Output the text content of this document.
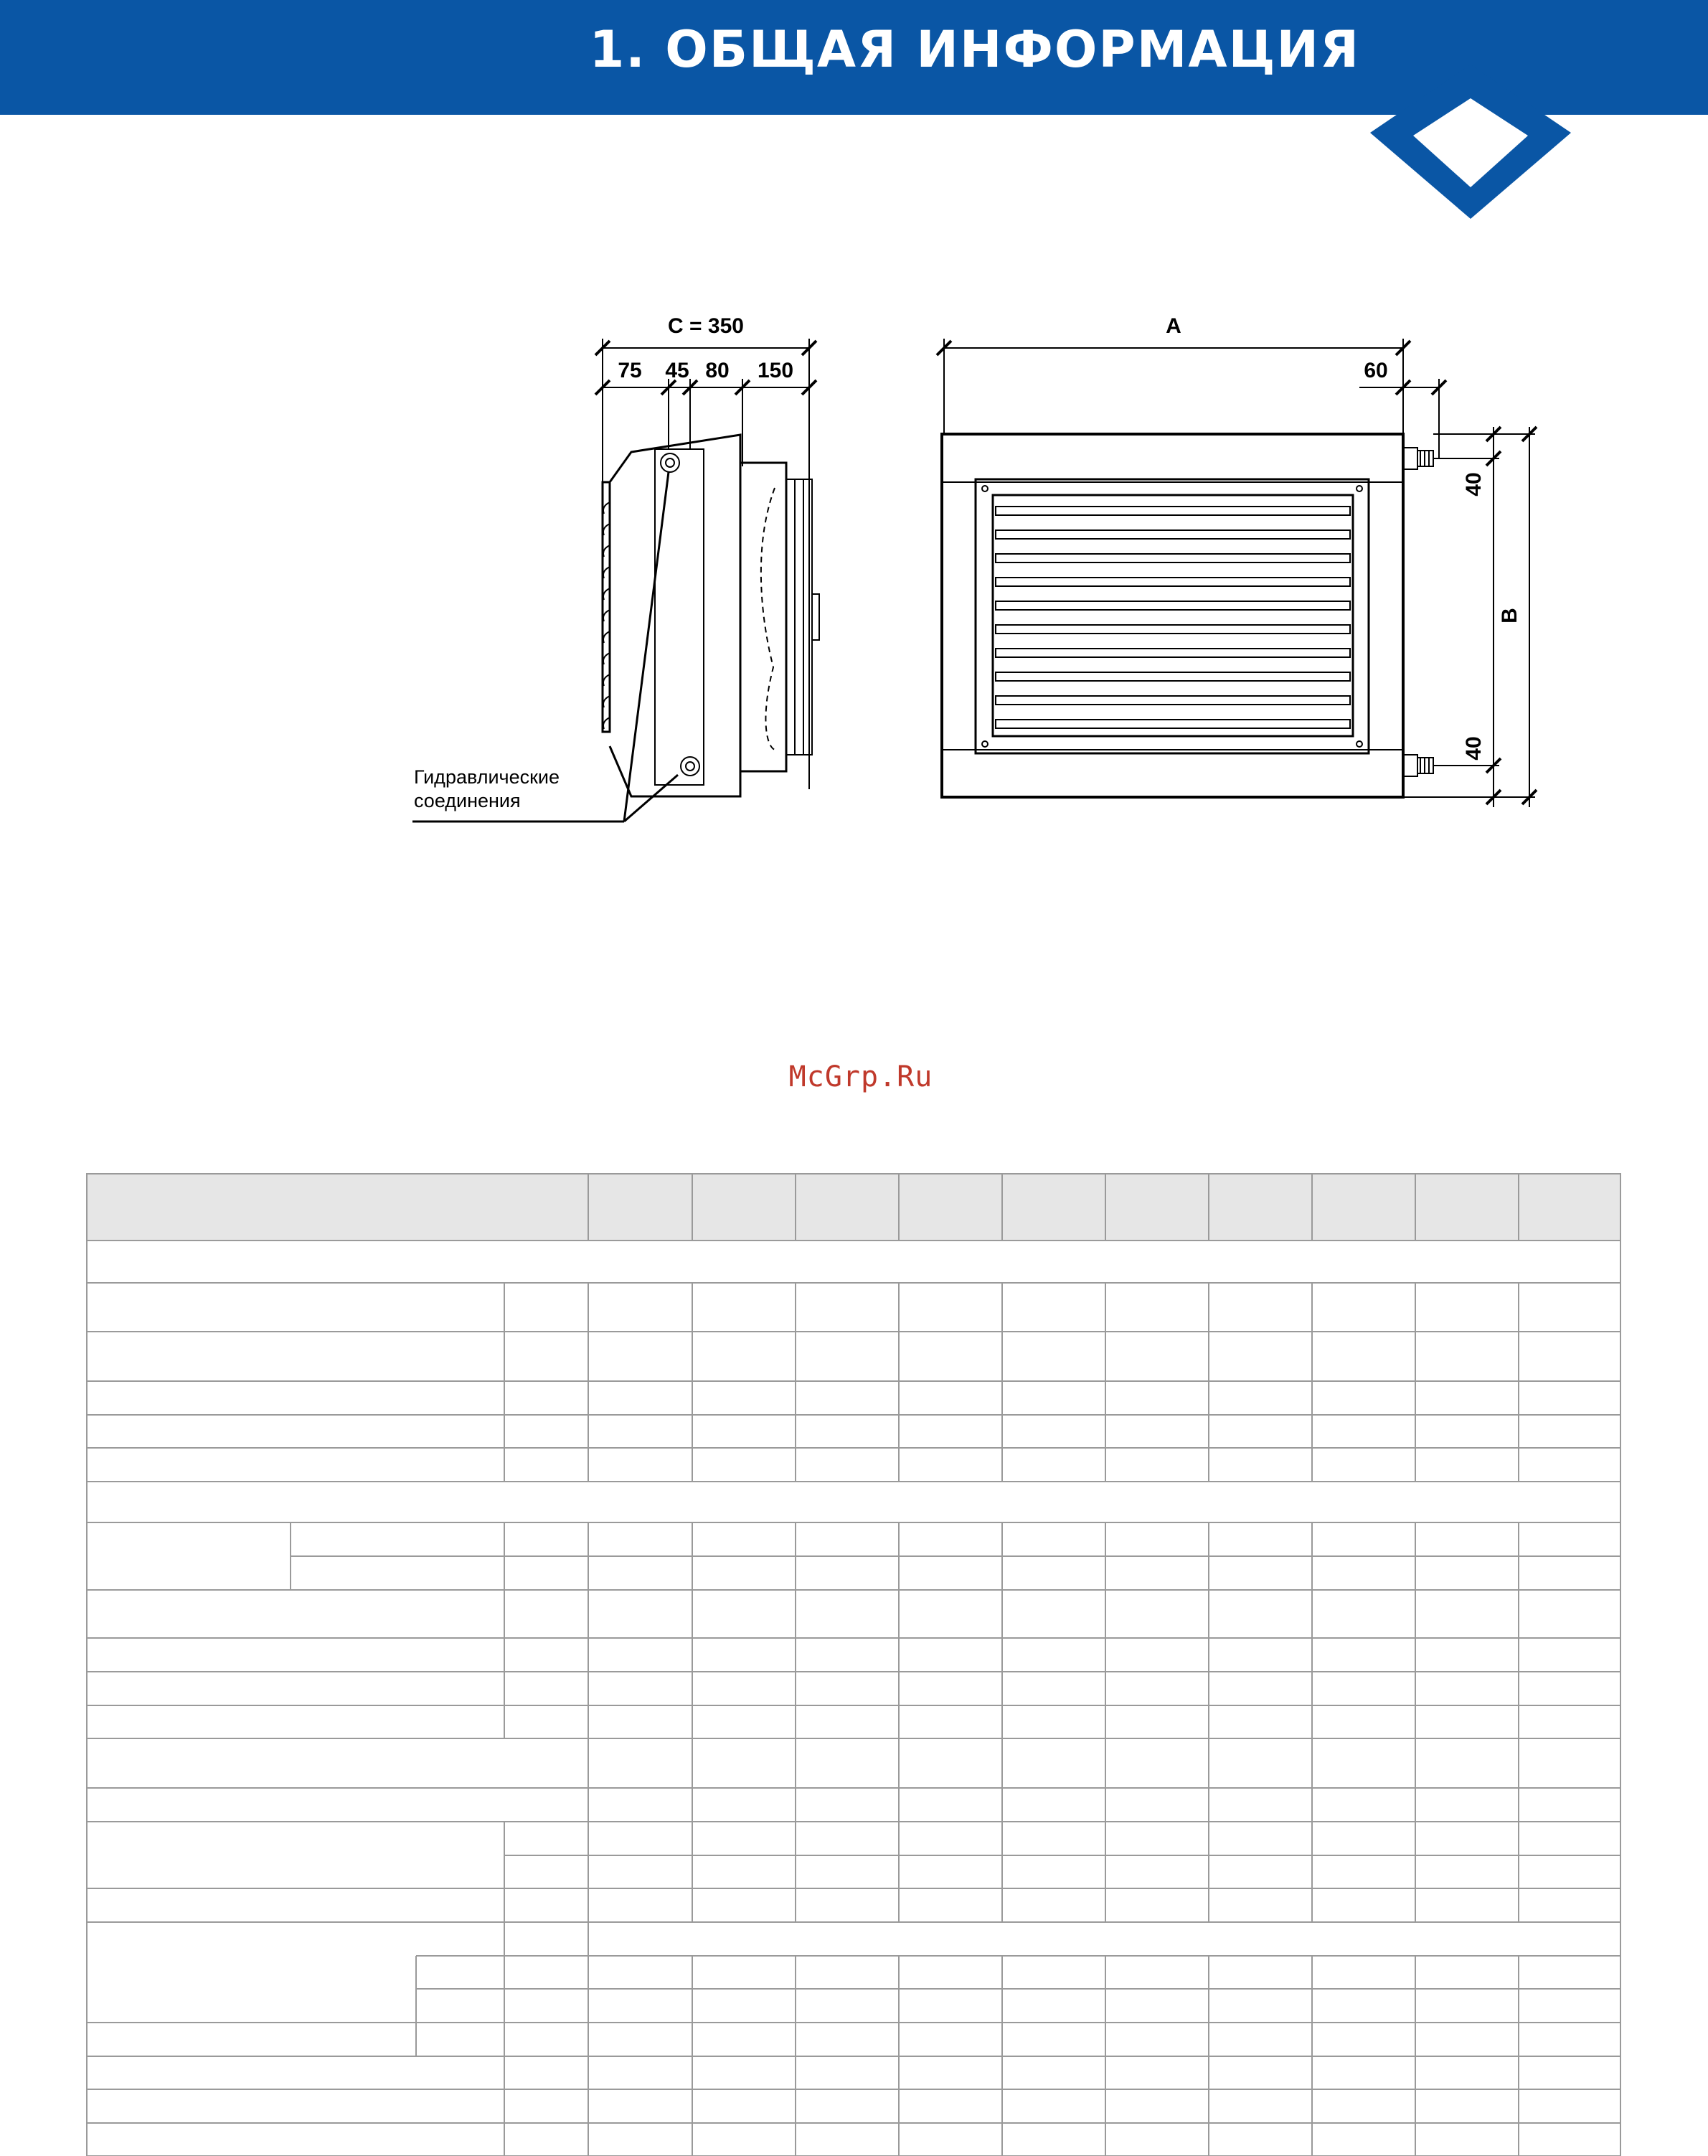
1. ОБЩАЯ ИНФОРМАЦИЯ
C = 350
75 45 80 150
A
60
40
40
B
Гидравлические
соединения
McGrp.Ru
